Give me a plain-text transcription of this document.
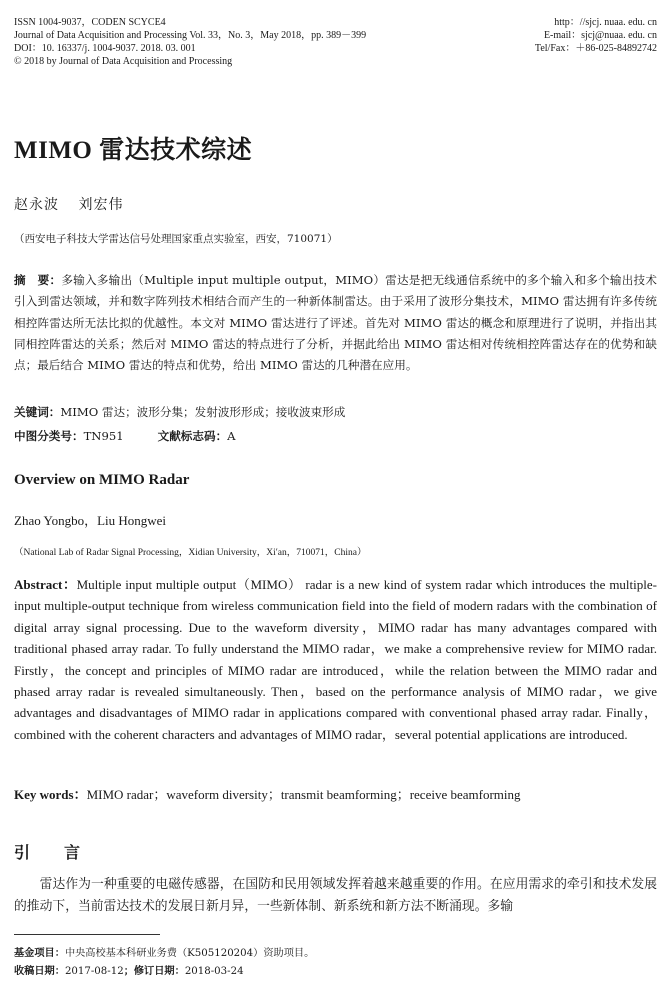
ISSN 1004-9037，CODEN SCYCE4
Journal of Data Acquisition and Processing Vol. 33，No. 3，May 2018，pp. 389－399
DOI：10. 16337/j. 1004-9037. 2018. 03. 001
© 2018 by Journal of Data Acquisition and Processing
http：//sjcj. nuaa. edu. cn
E-mail：sjcj@nuaa. edu. cn
Tel/Fax：＋86-025-84892742
MIMO 雷达技术综述
赵永波 刘宏伟
（西安电子科技大学雷达信号处理国家重点实验室，西安，710071）
摘　要：多输入多输出（Multiple input multiple output，MIMO）雷达是把无线通信系统中的多个输入和多个输出技术引入到雷达领域，并和数字阵列技术相结合而产生的一种新体制雷达。由于采用了波形分集技术，MIMO 雷达拥有许多传统相控阵雷达所无法比拟的优越性。本文对 MIMO 雷达进行了评述。首先对 MIMO 雷达的概念和原理进行了说明，并指出其同相控阵雷达的关系；然后对 MIMO 雷达的特点进行了分析，并据此给出 MIMO 雷达相对传统相控阵雷达存在的优势和缺点；最后结合 MIMO 雷达的特点和优势，给出 MIMO 雷达的几种潜在应用。
关键词：MIMO 雷达；波形分集；发射波形形成；接收波束形成
中图分类号：TN951	文献标志码：A
Overview on MIMO Radar
Zhao Yongbo，Liu Hongwei
（National Lab of Radar Signal Processing，Xidian University，Xi′an，710071，China）
Abstract：Multiple input multiple output（MIMO） radar is a new kind of system radar which introduces the multiple-input multiple-output technique from wireless communication field into the field of modern radars with the combination of digital array signal processing. Due to the waveform diversity，MIMO radar has many advantages compared with traditional phased array radar. To fully understand the MIMO radar，we make a comprehensive review for MIMO radar. Firstly，the concept and principles of MIMO radar are introduced，while the relation between the MIMO radar and phased array radar is revealed simultaneously. Then，based on the performance analysis of MIMO radar，we give advantages and disadvantages of MIMO radar in applications compared with conventional phased array radar. Finally，combined with the coherent characters and advantages of MIMO radar，several potential applications are introduced.
Key words：MIMO radar；waveform diversity；transmit beamforming；receive beamforming
引言
雷达作为一种重要的电磁传感器，在国防和民用领域发挥着越来越重要的作用。在应用需求的牵引和技术发展的推动下，当前雷达技术的发展日新月异，一些新体制、新系统和新方法不断涌现。多输
基金项目：中央高校基本科研业务费（K505120204）资助项目。
收稿日期：2017-08-12；修订日期：2018-03-24
